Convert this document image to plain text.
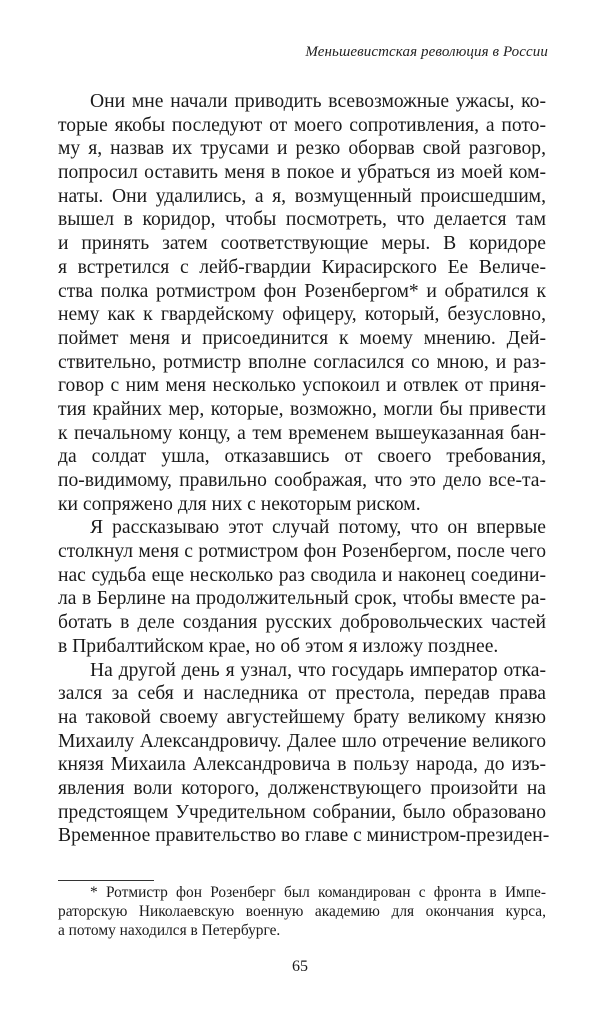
Меньшевистская революция в России
Они мне начали приводить всевозможные ужасы, ко-
торые якобы последуют от моего сопротивления, а пото-
му я, назвав их трусами и резко оборвав свой разговор,
попросил оставить меня в покое и убраться из моей ком-
наты. Они удалились, а я, возмущенный происшедшим,
вышел в коридор, чтобы посмотреть, что делается там
и принять затем соответствующие меры. В коридоре
я встретился с лейб-гвардии Кирасирского Ее Величе-
ства полка ротмистром фон Розенбергом* и обратился к
нему как к гвардейскому офицеру, который, безусловно,
поймет меня и присоединится к моему мнению. Дей-
ствительно, ротмистр вполне согласился со мною, и раз-
говор с ним меня несколько успокоил и отвлек от приня-
тия крайних мер, которые, возможно, могли бы привести
к печальному концу, а тем временем вышеуказанная бан-
да солдат ушла, отказавшись от своего требования,
по-видимому, правильно соображая, что это дело все-та-
ки сопряжено для них с некоторым риском.
Я рассказываю этот случай потому, что он впервые
столкнул меня с ротмистром фон Розенбергом, после чего
нас судьба еще несколько раз сводила и наконец соедини-
ла в Берлине на продолжительный срок, чтобы вместе ра-
ботать в деле создания русских добровольческих частей
в Прибалтийском крае, но об этом я изложу позднее.
На другой день я узнал, что государь император отка-
зался за себя и наследника от престола, передав права
на таковой своему августейшему брату великому князю
Михаилу Александровичу. Далее шло отречение великого
князя Михаила Александровича в пользу народа, до изъ-
явления воли которого, долженствующего произойти на
предстоящем Учредительном собрании, было образовано
Временное правительство во главе с министром-президен-
* Ротмистр фон Розенберг был командирован с фронта в Импе-
раторскую Николаевскую военную академию для окончания курса,
а потому находился в Петербурге.
65
